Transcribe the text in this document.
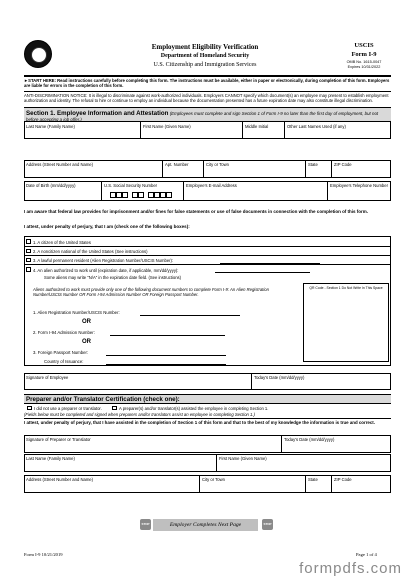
Employment Eligibility Verification
Department of Homeland Security
U.S. Citizenship and Immigration Services
USCIS
Form I-9
OMB No. 1615-0047
Expires 10/31/2022
►START HERE: Read instructions carefully before completing this form. The instructions must be available, either in paper or electronically, during completion of this form. Employers are liable for errors in the completion of this form.
ANTI-DISCRIMINATION NOTICE: It is illegal to discriminate against work-authorized individuals. Employers CANNOT specify which document(s) an employee may present to establish employment authorization and identity. The refusal to hire or continue to employ an individual because the documentation presented has a future expiration date may also constitute illegal discrimination.
Section 1. Employee Information and Attestation (Employees must complete and sign Section 1 of Form I-9 no later than the first day of employment, but not before accepting a job offer.)
Last Name (Family Name)	First Name (Given Name)	Middle Initial	Other Last Names Used (if any)
Address (Street Number and Name)	Apt. Number	City or Town	State	ZIP Code
Date of Birth (mm/dd/yyyy)	U.S. Social Security Number	Employee's E-mail Address	Employee's Telephone Number
I am aware that federal law provides for imprisonment and/or fines for false statements or use of false documents in connection with the completion of this form.
I attest, under penalty of perjury, that I am (check one of the following boxes):
1. A citizen of the United States
2. A noncitizen national of the United States (See instructions)
3. A lawful permanent resident (Alien Registration Number/USCIS Number):
4. An alien authorized to work until (expiration date, if applicable, mm/dd/yyyy):
Some aliens may write "N/A" in the expiration date field. (See instructions)
Aliens authorized to work must provide only one of the following document numbers to complete Form I-9: An Alien Registration Number/USCIS Number OR Form I-94 Admission Number OR Foreign Passport Number.
QR Code - Section 1 Do Not Write In This Space
1. Alien Registration Number/USCIS Number:
OR
2. Form I-94 Admission Number:
OR
3. Foreign Passport Number:
Country of Issuance:
Signature of Employee	Today's Date (mm/dd/yyyy)
Preparer and/or Translator Certification (check one):
I did not use a preparer or translator.	A preparer(s) and/or translator(s) assisted the employee in completing Section 1.
(Fields below must be completed and signed when preparers and/or translators assist an employee in completing Section 1.)
I attest, under penalty of perjury, that I have assisted in the completion of Section 1 of this form and that to the best of my knowledge the information is true and correct.
Signature of Preparer or Translator	Today's Date (mm/dd/yyyy)
Last Name (Family Name)	First Name (Given Name)
Address (Street Number and Name)	City or Town	State	ZIP Code
STOP	Employer Completes Next Page	STOP
Form I-9 10/21/2019	Page 1 of 4
formpdfs.com
